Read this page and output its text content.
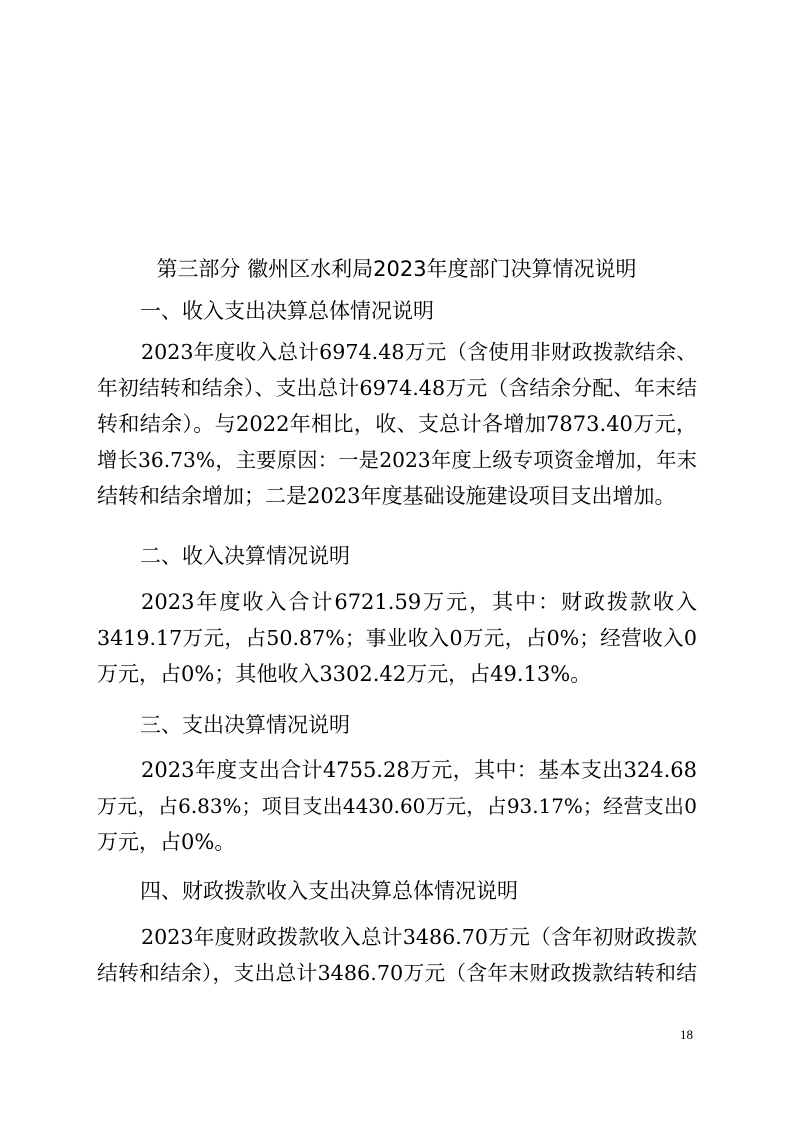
第三部分 徽州区水利局2023年度部门决算情况说明
一、收入支出决算总体情况说明
2023年度收入总计6974.48万元（含使用非财政拨款结余、
年初结转和结余）、支出总计6974.48万元（含结余分配、年末结
转和结余）。与2022年相比，收、支总计各增加7873.40万元，
增长36.73%，主要原因：一是2023年度上级专项资金增加，年末
结转和结余增加；二是2023年度基础设施建设项目支出增加。
二、收入决算情况说明
2023年度收入合计6721.59万元，其中：财政拨款收入
3419.17万元，占50.87%；事业收入0万元，占0%；经营收入0
万元，占0%；其他收入3302.42万元，占49.13%。
三、支出决算情况说明
2023年度支出合计4755.28万元，其中：基本支出324.68
万元，占6.83%；项目支出4430.60万元，占93.17%；经营支出0
万元，占0%。
四、财政拨款收入支出决算总体情况说明
2023年度财政拨款收入总计3486.70万元（含年初财政拨款
结转和结余），支出总计3486.70万元（含年末财政拨款结转和结
18
